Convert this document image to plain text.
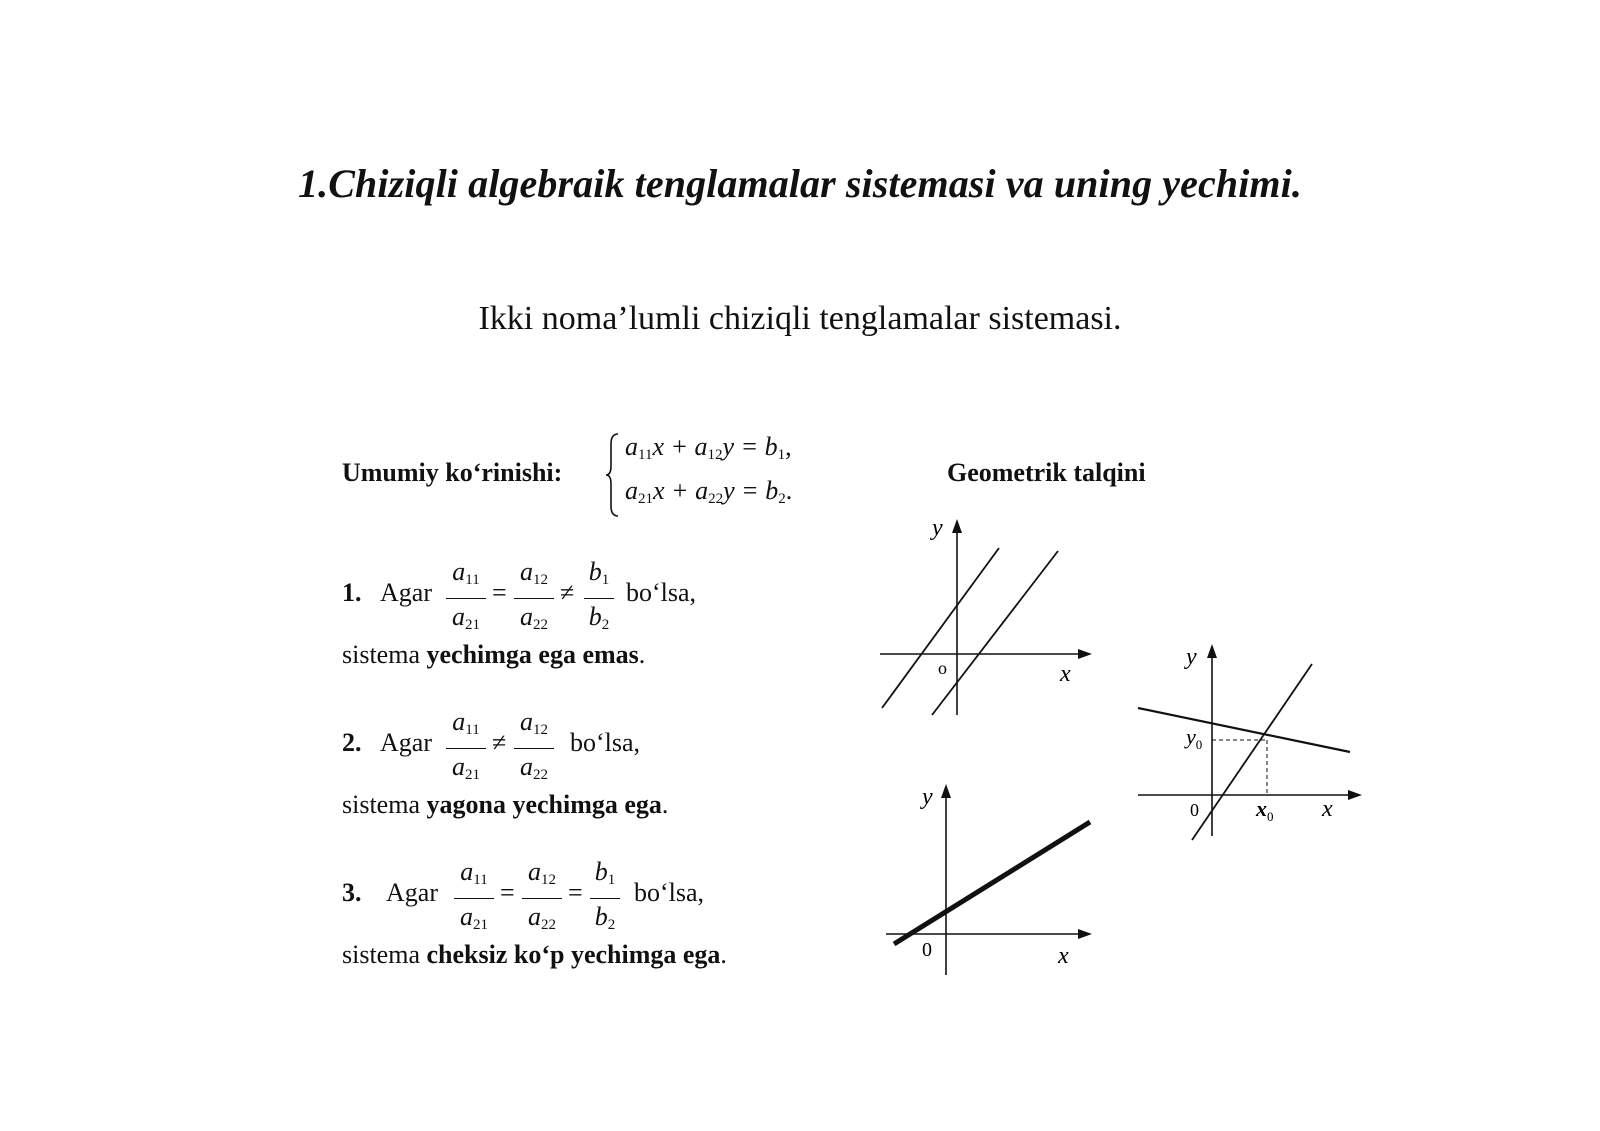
1.Chiziqli algebraik tenglamalar sistemasi va uning yechimi.
Ikki noma’lumli chiziqli tenglamalar sistemasi.
Umumiy ko‘rinishi:
$a_{11}x + a_{12}y = b_1$,
$a_{21}x + a_{22}y = b_2$.
Geometrik talqini
1. Agar
$a_{11}$
$a_{21}$
=
$a_{12}$
$a_{22}$
≠
$b_1$
$b_2$
bo‘lsa,
sistema yechimga ega emas.
2. Agar
$a_{11}$
$a_{21}$
≠
$a_{12}$
$a_{22}$
bo‘lsa,
sistema yagona yechimga ega.
3. Agar
$a_{11}$
$a_{21}$
=
$a_{12}$
$a_{22}$
=
$b_1$
$b_2$
bo‘lsa,
sistema cheksiz ko‘p yechimga ega.
y
x
o	y
x
0	$x_0$
$y_0$
y
x
0
